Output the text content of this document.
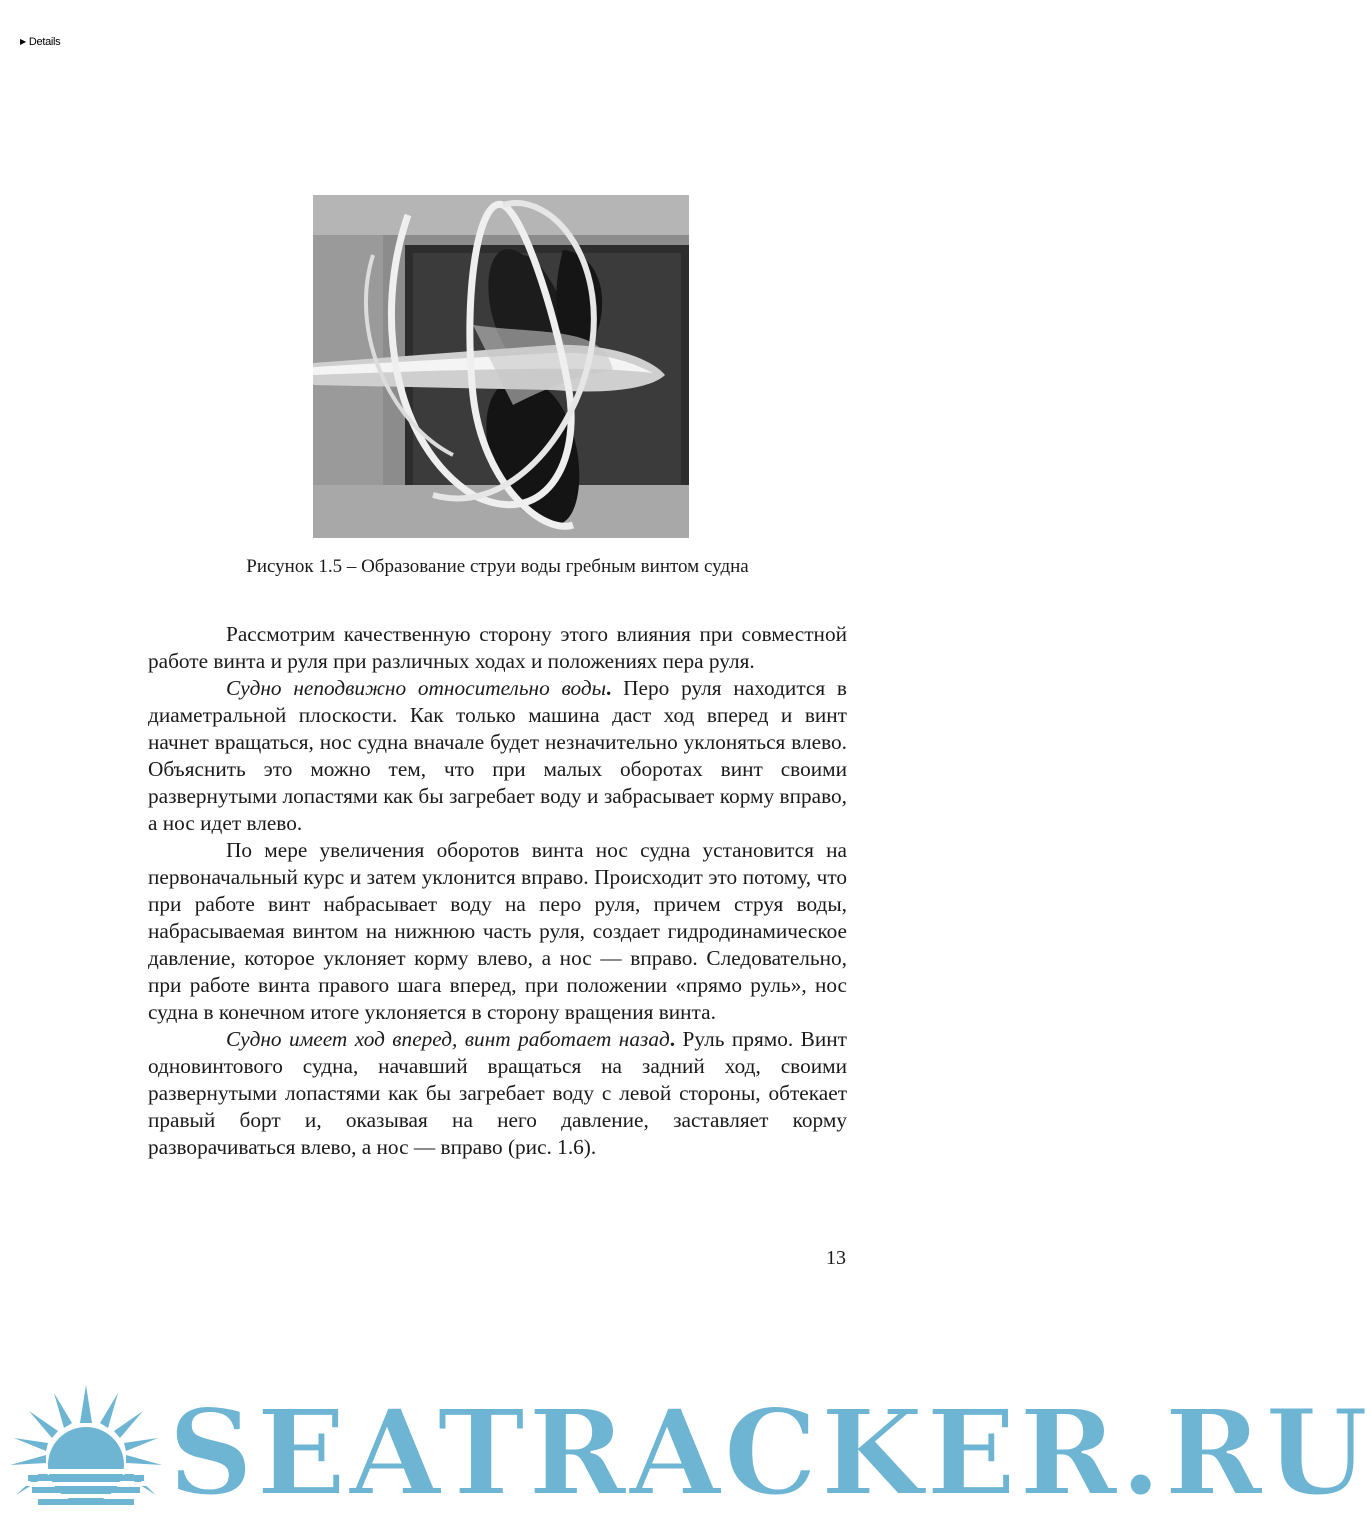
▶ Details
Рисунок 1.5 – Образование струи воды гребным винтом судна

Рассмотрим качественную сторону этого влияния при совместной работе винта и руля при различных ходах и положениях пера руля.

Судно неподвижно относительно воды. Перо руля находится в диаметральной плоскости. Как только машина даст ход вперед и винт начнет вращаться, нос судна вначале будет незначительно уклоняться влево. Объяснить это можно тем, что при малых оборотах винт своими развернутыми лопастями как бы загребает воду и забрасывает корму вправо, а нос идет влево.

По мере увеличения оборотов винта нос судна установится на первоначальный курс и затем уклонится вправо. Происходит это потому, что при работе винт набрасывает воду на перо руля, причем струя воды, набрасываемая винтом на нижнюю часть руля, создает гидродинамическое давление, которое уклоняет корму влево, а нос — вправо. Следовательно, при работе винта правого шага вперед, при положении «прямо руль», нос судна в конечном итоге уклоняется в сторону вращения винта.

Судно имеет ход вперед, винт работает назад. Руль прямо. Винт одновинтового судна, начавший вращаться на задний ход, своими развернутыми лопастями как бы загребает воду с левой стороны, обтекает правый борт и, оказывая на него давление, заставляет корму разворачиваться влево, а нос — вправо (рис. 1.6).

13
SEATRACKER.RU
